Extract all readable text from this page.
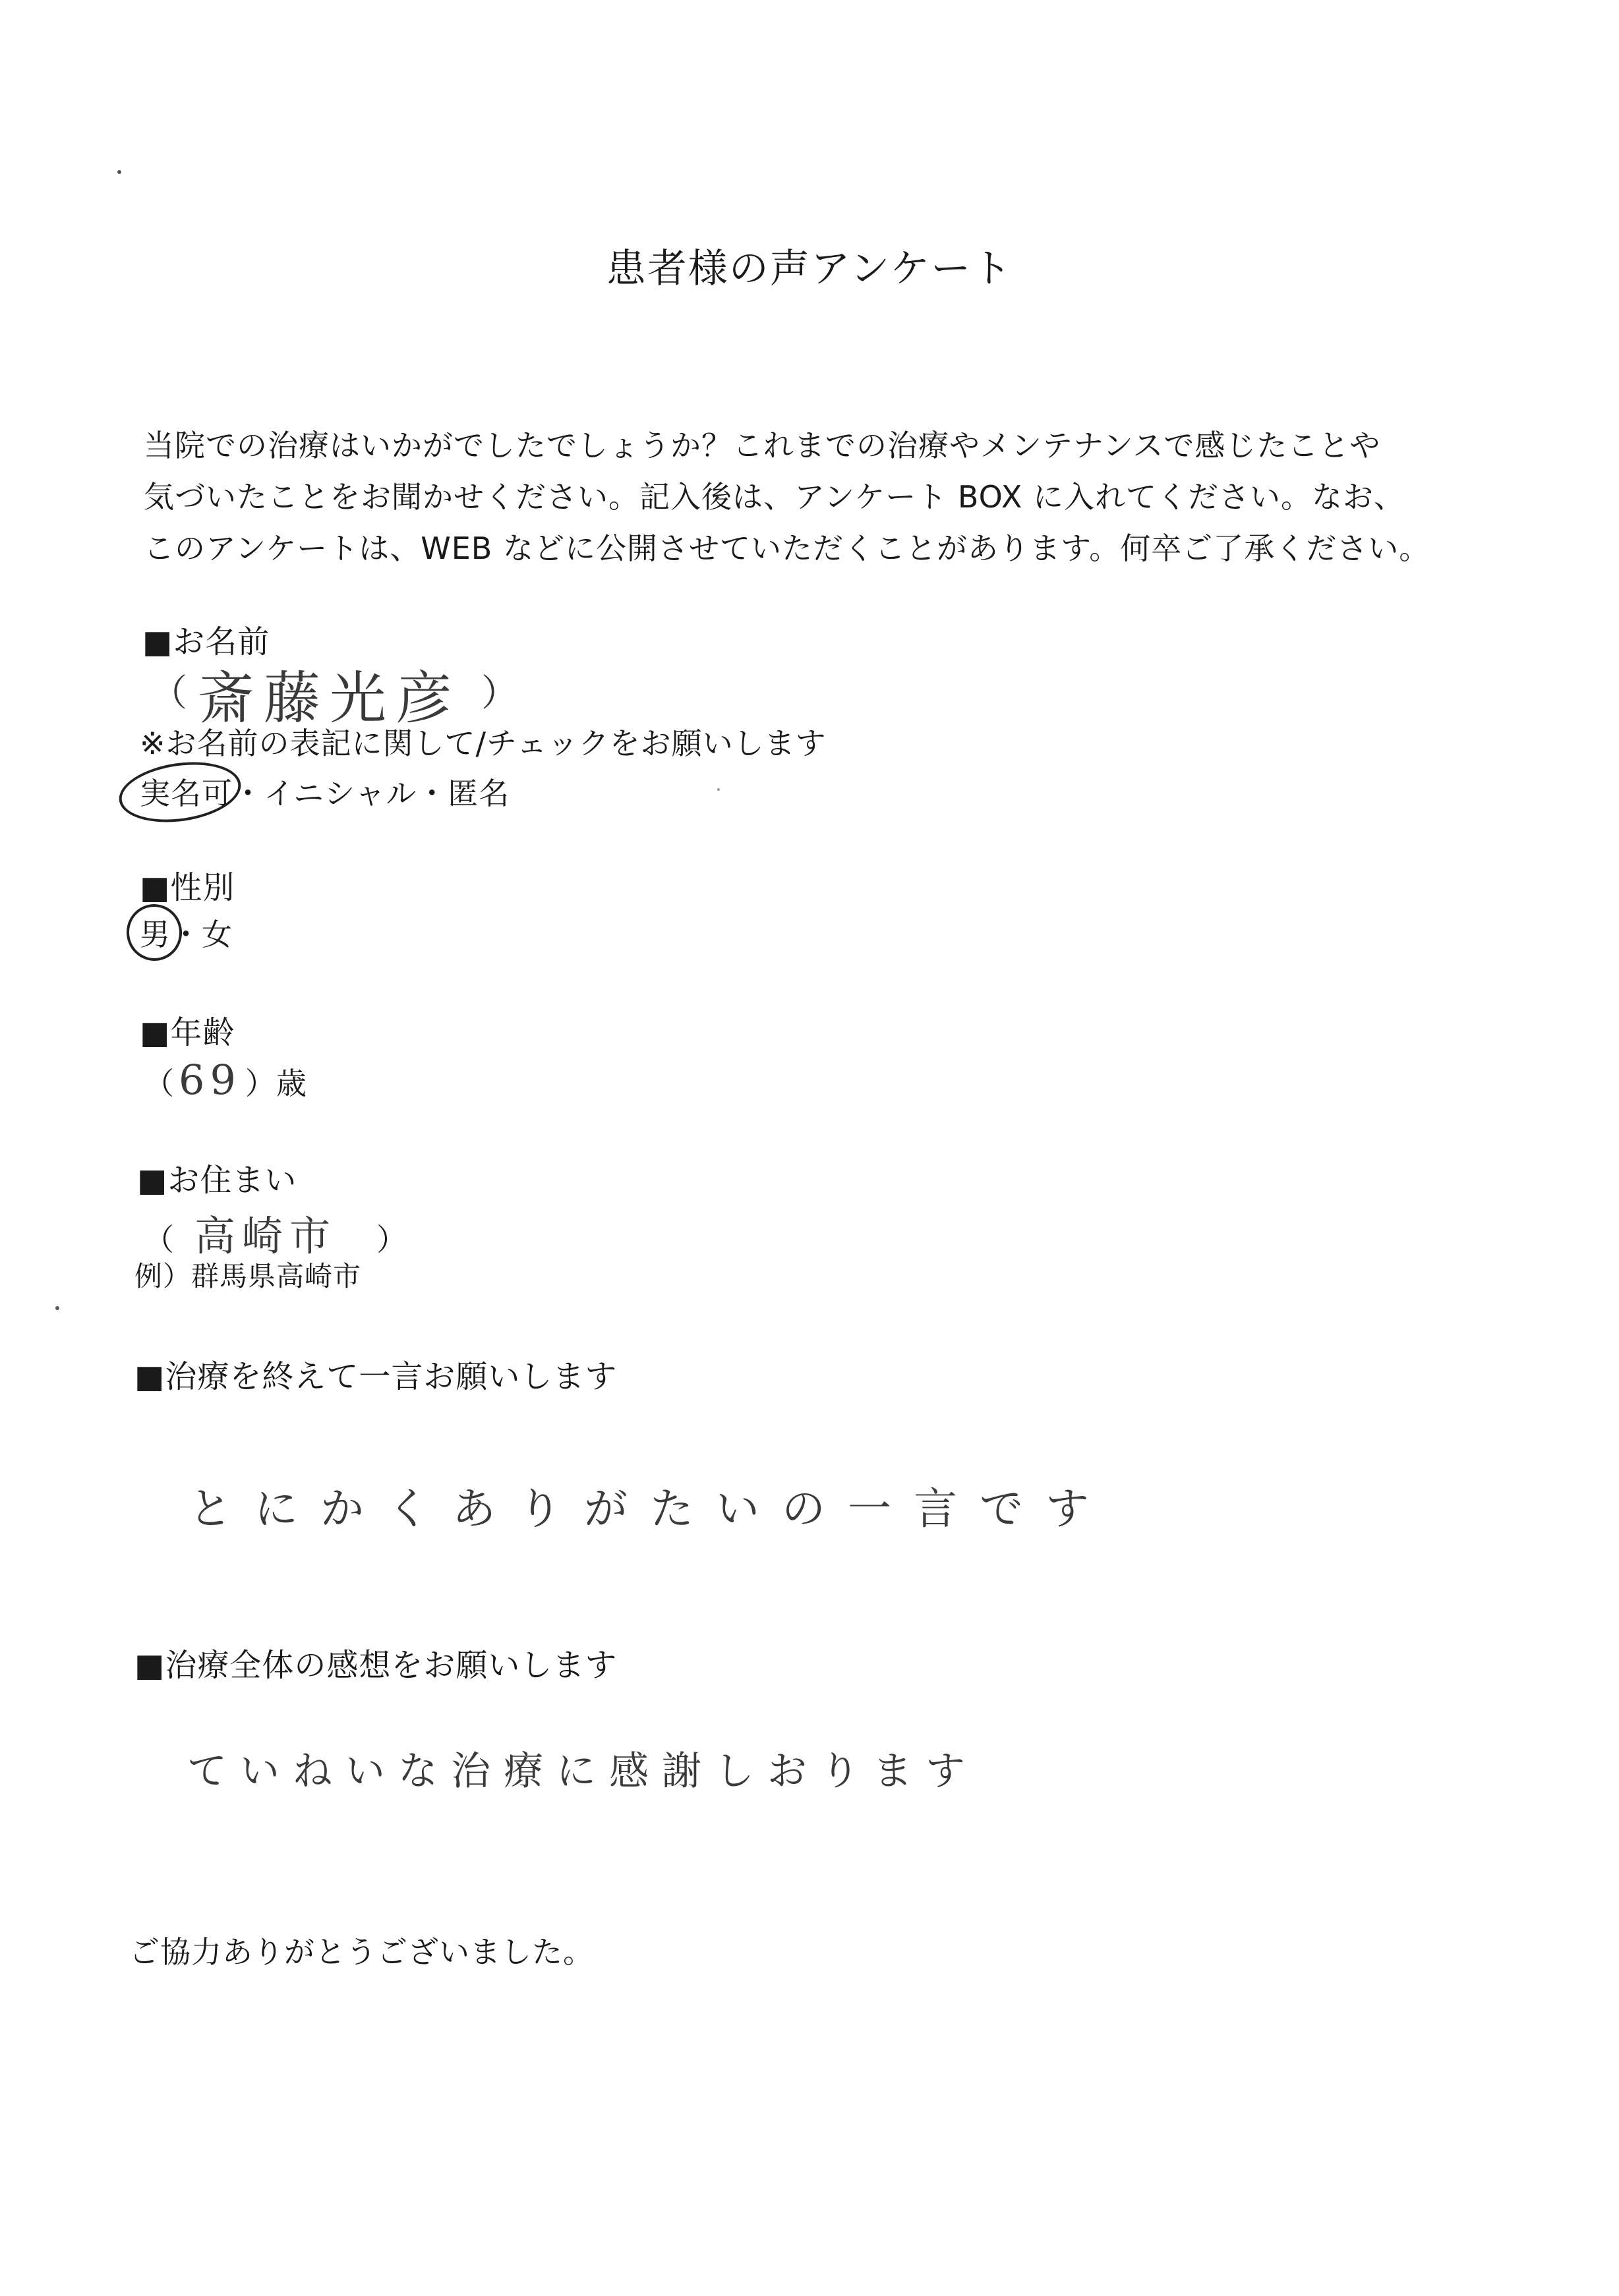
患者様の声アンケート
当院での治療はいかがでしたでしょうか？これまでの治療やメンテナンスで感じたことや
気づいたことをお聞かせください。記入後は、アンケート BOX に入れてください。なお、
このアンケートは、WEB などに公開させていただくことがあります。何卒ご了承ください。
■お名前
（ 斎藤光彦 ）
※お名前の表記に関して/チェックをお願いします
実名可・イニシャル・匿名
■性別
男・女
■年齢
（69 ）歳
■お住まい
（ 高崎市 ）
例）群馬県高崎市
■治療を終えて一言お願いします
とにかくありがたいの一言です
■治療全体の感想をお願いします
ていねいな治療に感謝しおります
ご協力ありがとうございました。
